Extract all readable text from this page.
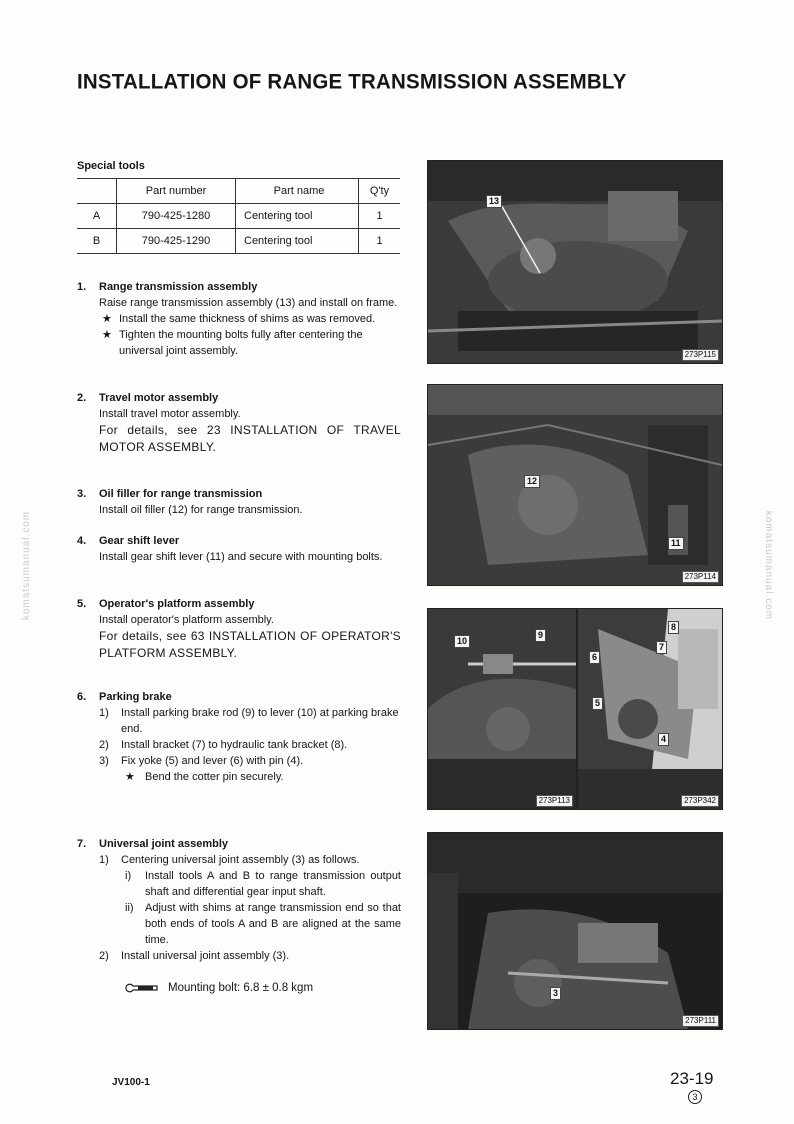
INSTALLATION OF RANGE TRANSMISSION ASSEMBLY
Special tools
	Part number	Part name	Q'ty
A	790-425-1280	Centering tool	1
B	790-425-1290	Centering tool	1
1. Range transmission assembly
Raise range transmission assembly (13) and install on frame.
★ Install the same thickness of shims as was removed.
★ Tighten the mounting bolts fully after centering the universal joint assembly.
2. Travel motor assembly
Install travel motor assembly.
For details, see 23 INSTALLATION OF TRAVEL MOTOR ASSEMBLY.
3. Oil filler for range transmission
Install oil filler (12) for range transmission.
4. Gear shift lever
Install gear shift lever (11) and secure with mounting bolts.
5. Operator's platform assembly
Install operator's platform assembly.
For details, see 63 INSTALLATION OF OPERATOR'S PLATFORM ASSEMBLY.
6. Parking brake
1) Install parking brake rod (9) to lever (10) at parking brake end.
2) Install bracket (7) to hydraulic tank bracket (8).
3) Fix yoke (5) and lever (6) with pin (4).
★ Bend the cotter pin securely.
7. Universal joint assembly
1) Centering universal joint assembly (3) as follows.
i) Install tools A and B to range transmission output shaft and differential gear input shaft.
ii) Adjust with shims at range transmission end so that both ends of tools A and B are aligned at the same time.
2) Install universal joint assembly (3).
Mounting bolt: 6.8 ± 0.8 kgm
13
273P115
12
11
273P114
10
9
273P113
8
7
6
5
4
273P342
3
273P111
JV100-1	23-19
3
komatsumanual.com	komatsumanual.com
